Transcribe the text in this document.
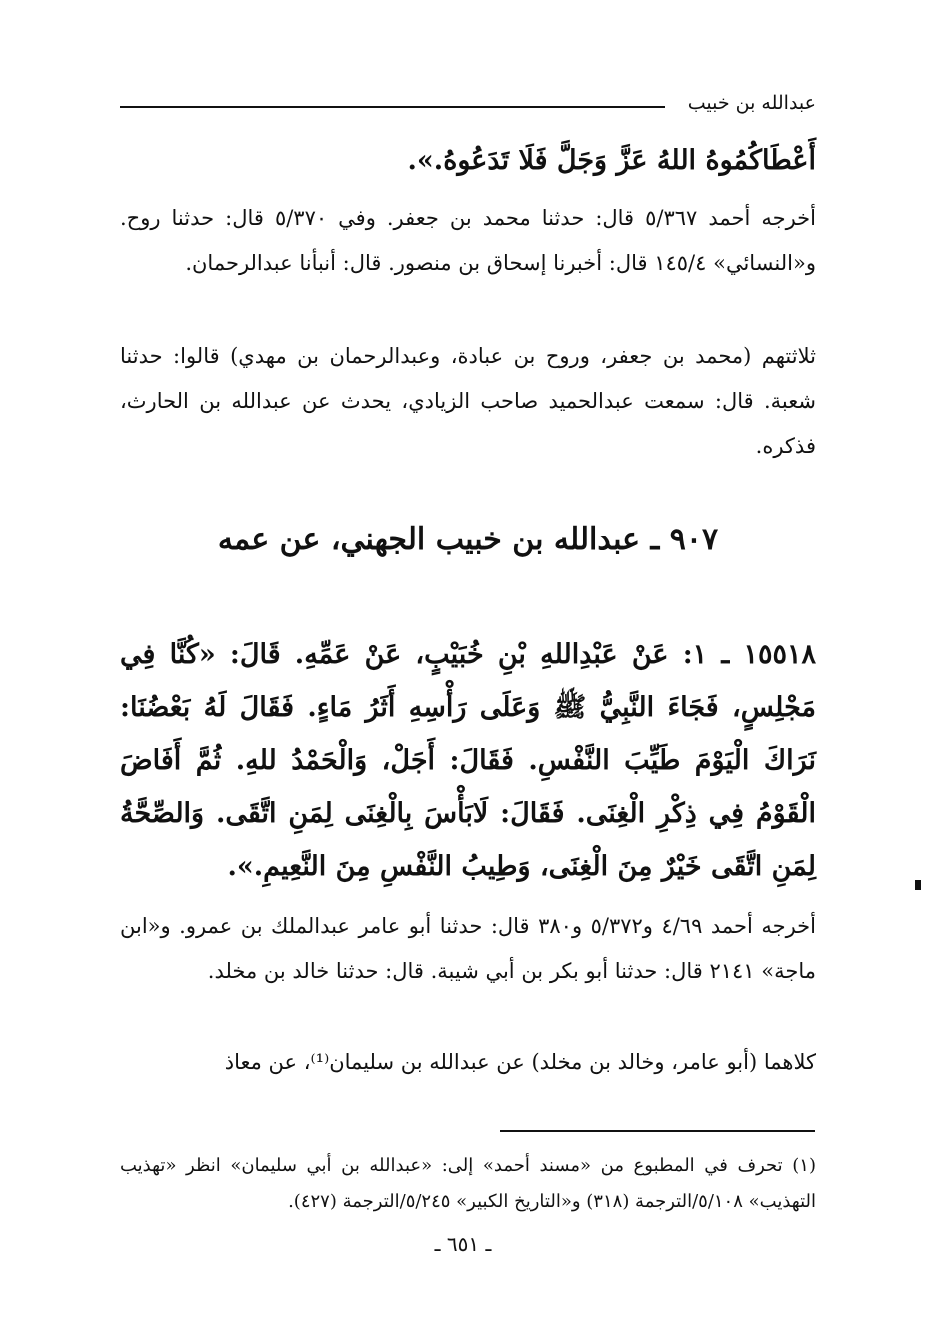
عبدالله بن خبيب
أَعْطَاكُمُوهُ اللهُ عَزَّ وَجَلَّ فَلَا تَدَعُوهُ.».
أخرجه أحمد ٥/٣٦٧ قال: حدثنا محمد بن جعفر. وفي ٥/٣٧٠ قال: حدثنا روح. و«النسائي» ١٤٥/٤ قال: أخبرنا إسحاق بن منصور. قال: أنبأنا عبدالرحمان.
ثلاثتهم (محمد بن جعفر، وروح بن عبادة، وعبدالرحمان بن مهدي) قالوا: حدثنا شعبة. قال: سمعت عبدالحميد صاحب الزيادي، يحدث عن عبدالله بن الحارث، فذكره.
٩٠٧ ـ عبدالله بن خبيب الجهني، عن عمه
١٥٥١٨ ـ ١: عَنْ عَبْدِاللهِ بْنِ خُبَيْبٍ، عَنْ عَمِّهِ. قَالَ: «كُنَّا فِي مَجْلِسٍ، فَجَاءَ النَّبِيُّ ﷺ وَعَلَى رَأْسِهِ أَثَرُ مَاءٍ. فَقَالَ لَهُ بَعْضُنَا: نَرَاكَ الْيَوْمَ طَيِّبَ النَّفْسِ. فَقَالَ: أَجَلْ، وَالْحَمْدُ للهِ. ثُمَّ أَفَاضَ الْقَوْمُ فِي ذِكْرِ الْغِنَى. فَقَالَ: لَابَأْسَ بِالْغِنَى لِمَنِ اتَّقَى. وَالصِّحَّةُ لِمَنِ اتَّقَى خَيْرٌ مِنَ الْغِنَى، وَطِيبُ النَّفْسِ مِنَ النَّعِيمِ.».
أخرجه أحمد ٤/٦٩ و٥/٣٧٢ و٣٨٠ قال: حدثنا أبو عامر عبدالملك بن عمرو. و«ابن ماجة» ٢١٤١ قال: حدثنا أبو بكر بن أبي شيبة. قال: حدثنا خالد بن مخلد.
كلاهما (أبو عامر، وخالد بن مخلد) عن عبدالله بن سليمان⁽¹⁾، عن معاذ
(١) تحرف في المطبوع من «مسند أحمد» إلى: «عبدالله بن أبي سليمان» انظر «تهذيب التهذيب» ٥/١٠٨/الترجمة (٣١٨) و«التاريخ الكبير» ٥/٢٤٥/الترجمة (٤٢٧).
ـ ٦٥١ ـ
